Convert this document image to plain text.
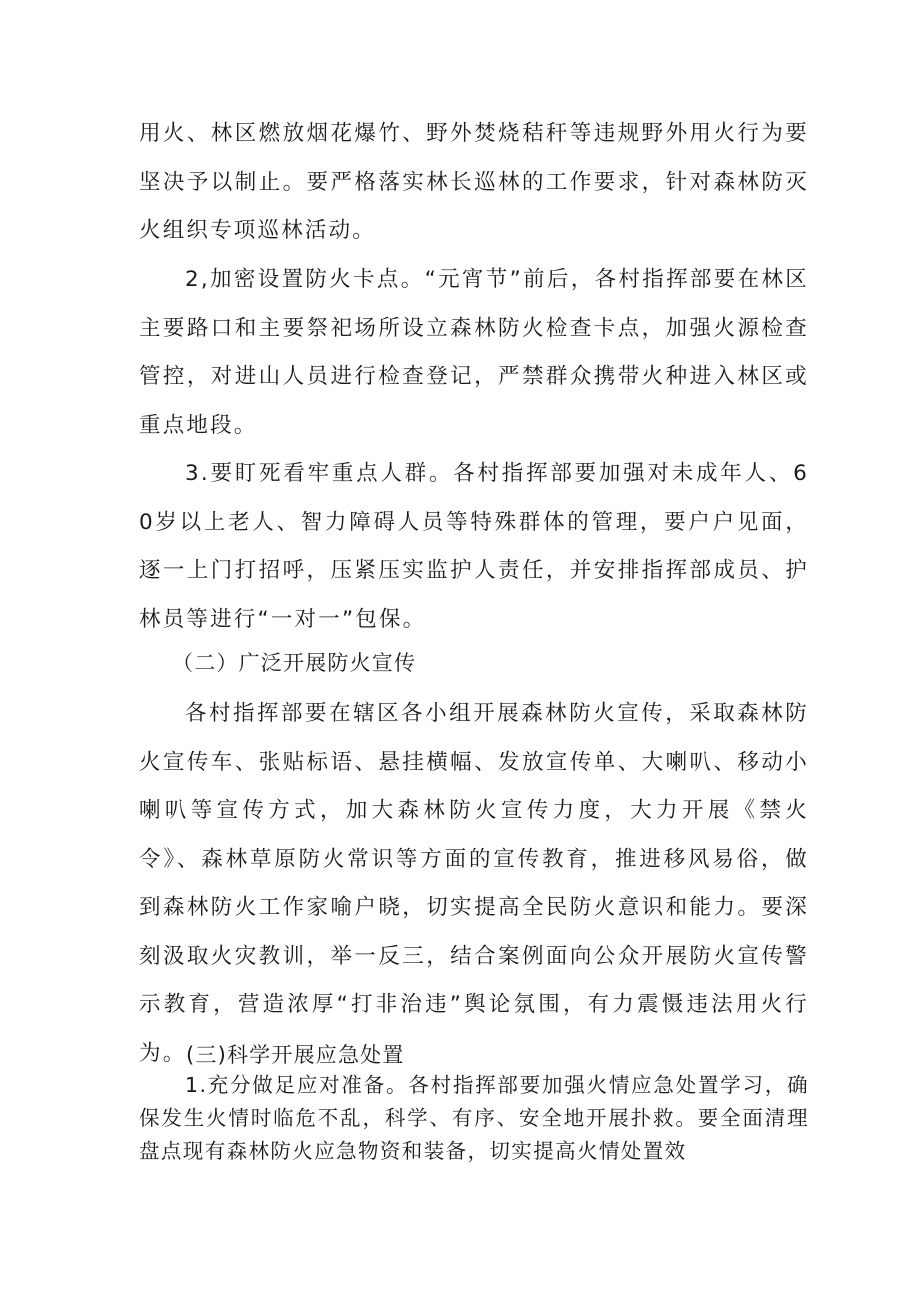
用火、林区燃放烟花爆竹、野外焚烧秸秆等违规野外用火行为要坚决予以制止。要严格落实林长巡林的工作要求，针对森林防灭火组织专项巡林活动。

2,加密设置防火卡点。“元宵节”前后，各村指挥部要在林区主要路口和主要祭祀场所设立森林防火检查卡点，加强火源检查管控，对进山人员进行检查登记，严禁群众携带火种进入林区或重点地段。

3.要盯死看牢重点人群。各村指挥部要加强对未成年人、60岁以上老人、智力障碍人员等特殊群体的管理，要户户见面，逐一上门打招呼，压紧压实监护人责任，并安排指挥部成员、护林员等进行“一对一”包保。

（二）广泛开展防火宣传

各村指挥部要在辖区各小组开展森林防火宣传，采取森林防火宣传车、张贴标语、悬挂横幅、发放宣传单、大喇叭、移动小喇叭等宣传方式，加大森林防火宣传力度，大力开展《禁火令》、森林草原防火常识等方面的宣传教育，推进移风易俗，做到森林防火工作家喻户晓，切实提高全民防火意识和能力。要深刻汲取火灾教训，举一反三，结合案例面向公众开展防火宣传警示教育，营造浓厚“打非治违”舆论氛围，有力震慑违法用火行为。 (三)科学开展应急处置

1.充分做足应对准备。各村指挥部要加强火情应急处置学习，确保发生火情时临危不乱，科学、有序、安全地开展扑救。要全面清理盘点现有森林防火应急物资和装备，切实提高火情处置效
